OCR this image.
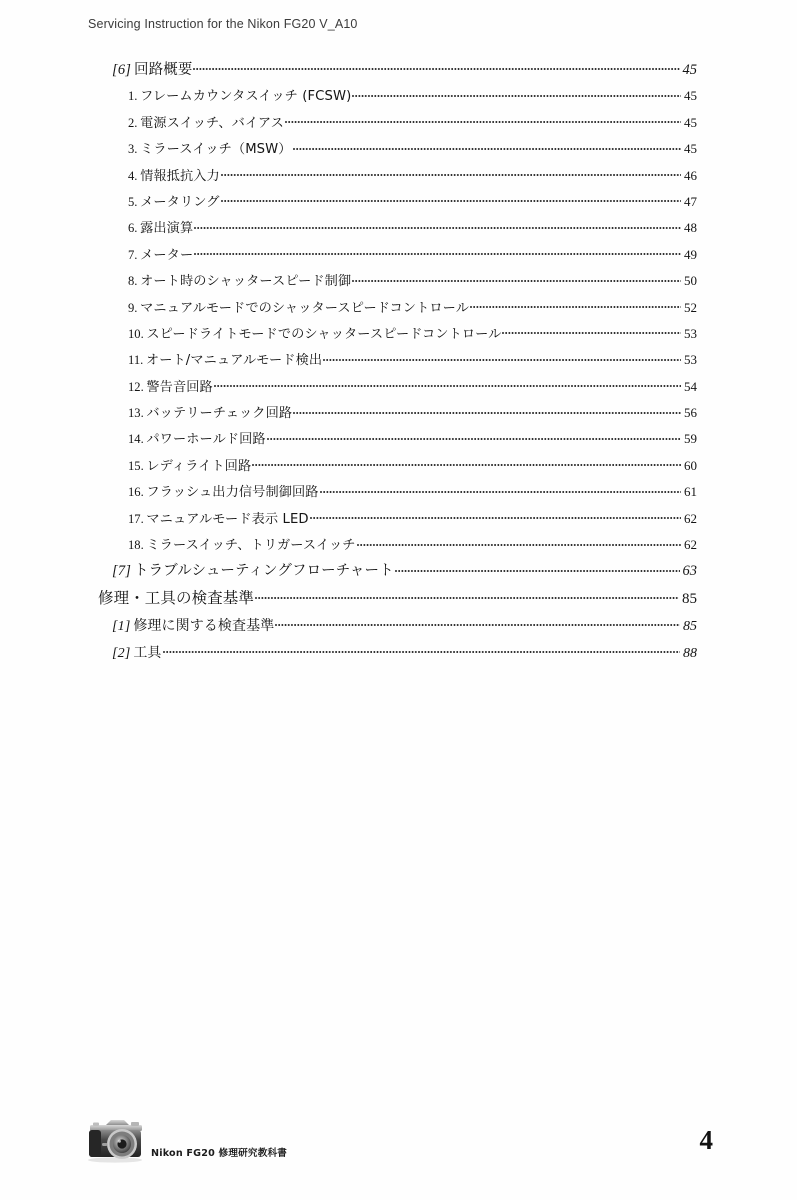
Servicing Instruction for the Nikon FG20 V_A10
[6]  回路概要	45
1.  フレームカウンタスイッチ (FCSW)	45
2.  電源スイッチ、バイアス	45
3.  ミラースイッチ（MSW）	45
4.  情報抵抗入力	46
5.  メータリング	47
6.  露出演算	48
7.  メーター	49
8.  オート時のシャッタースピード制御	50
9.  マニュアルモードでのシャッタースピードコントロール	52
10.  スピードライトモードでのシャッタースピードコントロール	53
11.  オート/マニュアルモード検出	53
12.  警告音回路	54
13.  バッテリーチェック回路	56
14.  パワーホールド回路	59
15.  レディライト回路	60
16.  フラッシュ出力信号制御回路	61
17.  マニュアルモード表示 LED	62
18.  ミラースイッチ、トリガースイッチ	62
[7]  トラブルシューティングフローチャート	63
修理・工具の検査基準	85
[1]  修理に関する検査基準	85
[2]  工具	88
Nikon FG20 修理研究教科書	4
